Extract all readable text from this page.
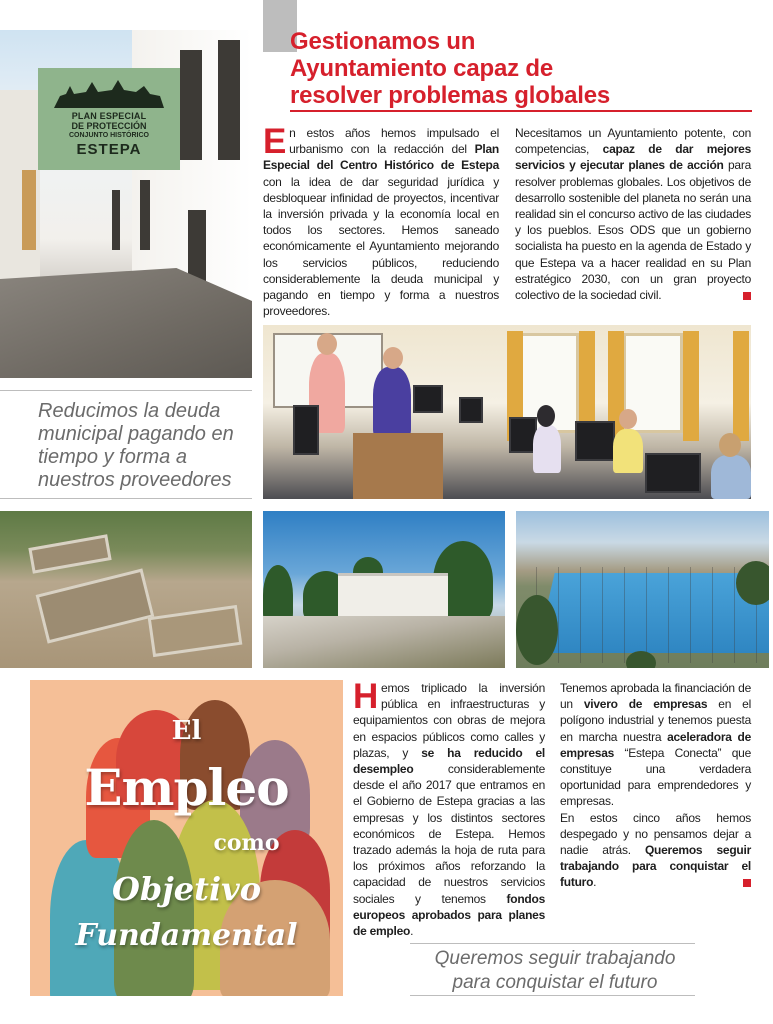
PLAN ESPECIAL
DE PROTECCIÓN
CONJUNTO HISTÓRICO
ESTEPA
Gestionamos un
Ayuntamiento capaz de
resolver problemas globales
En estos años hemos impulsado el urbanismo con la redacción del Plan Especial del Centro Histórico de Estepa con la idea de dar seguridad jurídica y desbloquear infinidad de proyectos, incentivar la inversión privada y la economía local en todos los sectores. Hemos saneado económicamente el Ayuntamiento mejorando los servicios públicos, reduciendo considerablemente la deuda municipal y pagando en tiempo y forma a nuestros proveedores.
Necesitamos un Ayuntamiento potente, con competencias, capaz de dar mejores servicios y ejecutar planes de acción para resolver problemas globales. Los objetivos de desarrollo sostenible del planeta no serán una realidad sin el concurso activo de las ciudades y los pueblos. Esos ODS que un gobierno socialista ha puesto en la agenda de Estado y que Estepa va a hacer realidad en su Plan estratégico 2030, con un gran proyecto colectivo de la sociedad civil.
Reducimos la deuda municipal pagando en tiempo y forma a nuestros proveedores
El
Empleo
como
Objetivo
Fundamental
Hemos triplicado la inversión pública en infraestructuras y equipamientos con obras de mejora en espacios públicos como calles y plazas, y se ha reducido el desempleo considerablemente desde el año 2017 que entramos en el Gobierno de Estepa gracias a las empresas y los distintos sectores económicos de Estepa. Hemos trazado además la hoja de ruta para los próximos años reforzando la capacidad de nuestros servicios sociales y tenemos fondos europeos aprobados para planes de empleo.
Tenemos aprobada la financiación de un vivero de empresas en el polígono industrial y tenemos puesta en marcha nuestra aceleradora de empresas “Estepa Conecta” que constituye una verdadera oportunidad para emprendedores y empresas.
En estos cinco años hemos despegado y no pensamos dejar a nadie atrás. Queremos seguir trabajando para conquistar el futuro.
Queremos seguir trabajando
para conquistar el futuro
